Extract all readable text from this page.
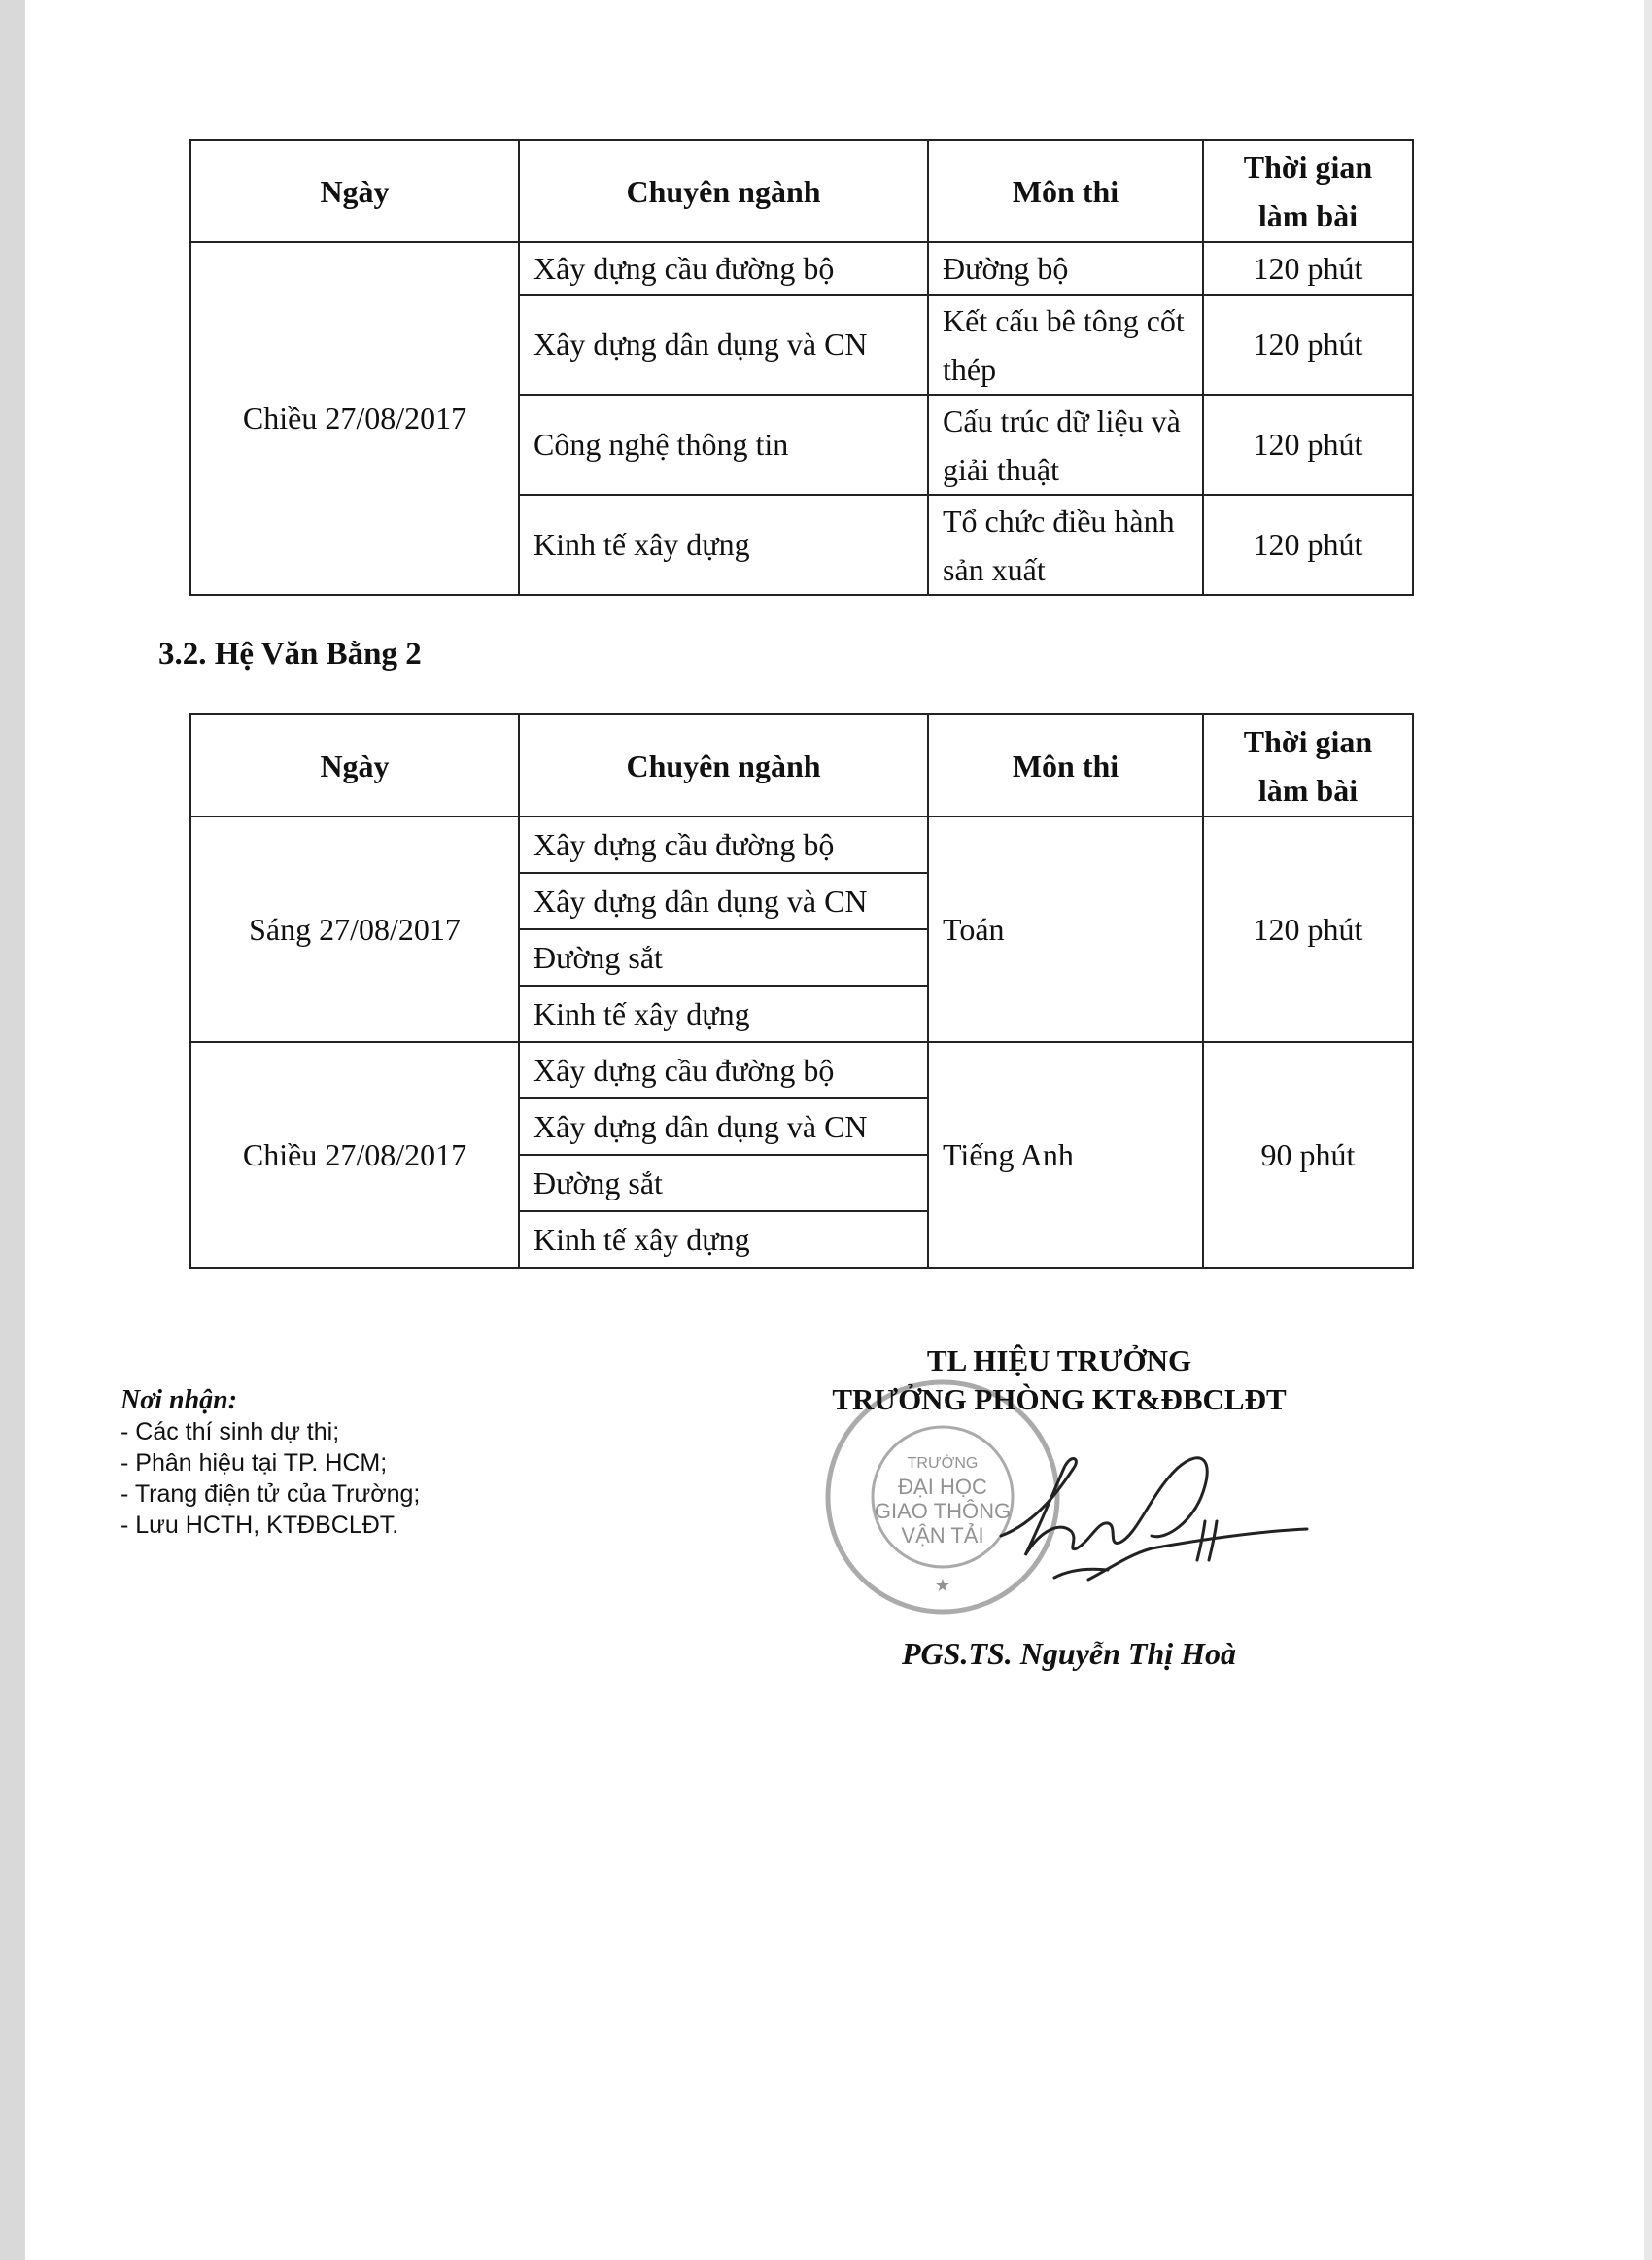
Ngày	Chuyên ngành	Môn thi	Thời gian làm bài
Chiều 27/08/2017	Xây dựng cầu đường bộ	Đường bộ	120 phút
	Xây dựng dân dụng và CN	Kết cấu bê tông cốt thép	120 phút
	Công nghệ thông tin	Cấu trúc dữ liệu và giải thuật	120 phút
	Kinh tế xây dựng	Tổ chức điều hành sản xuất	120 phút
3.2. Hệ Văn Bằng 2
Ngày	Chuyên ngành	Môn thi	Thời gian làm bài
Sáng 27/08/2017	Xây dựng cầu đường bộ	Toán	120 phút
	Xây dựng dân dụng và CN		
	Đường sắt		
	Kinh tế xây dựng		
Chiều 27/08/2017	Xây dựng cầu đường bộ	Tiếng Anh	90 phút
	Xây dựng dân dụng và CN		
	Đường sắt		
	Kinh tế xây dựng		
TRƯỜNG
ĐẠI HỌC
GIAO THÔNG
VẬN TẢI
★
TL HIỆU TRƯỞNG
TRƯỞNG PHÒNG KT&ĐBCLĐT
PGS.TS. Nguyễn Thị Hoà
Nơi nhận:
- Các thí sinh dự thi;
- Phân hiệu tại TP. HCM;
- Trang điện tử của Trường;
- Lưu HCTH, KTĐBCLĐT.
